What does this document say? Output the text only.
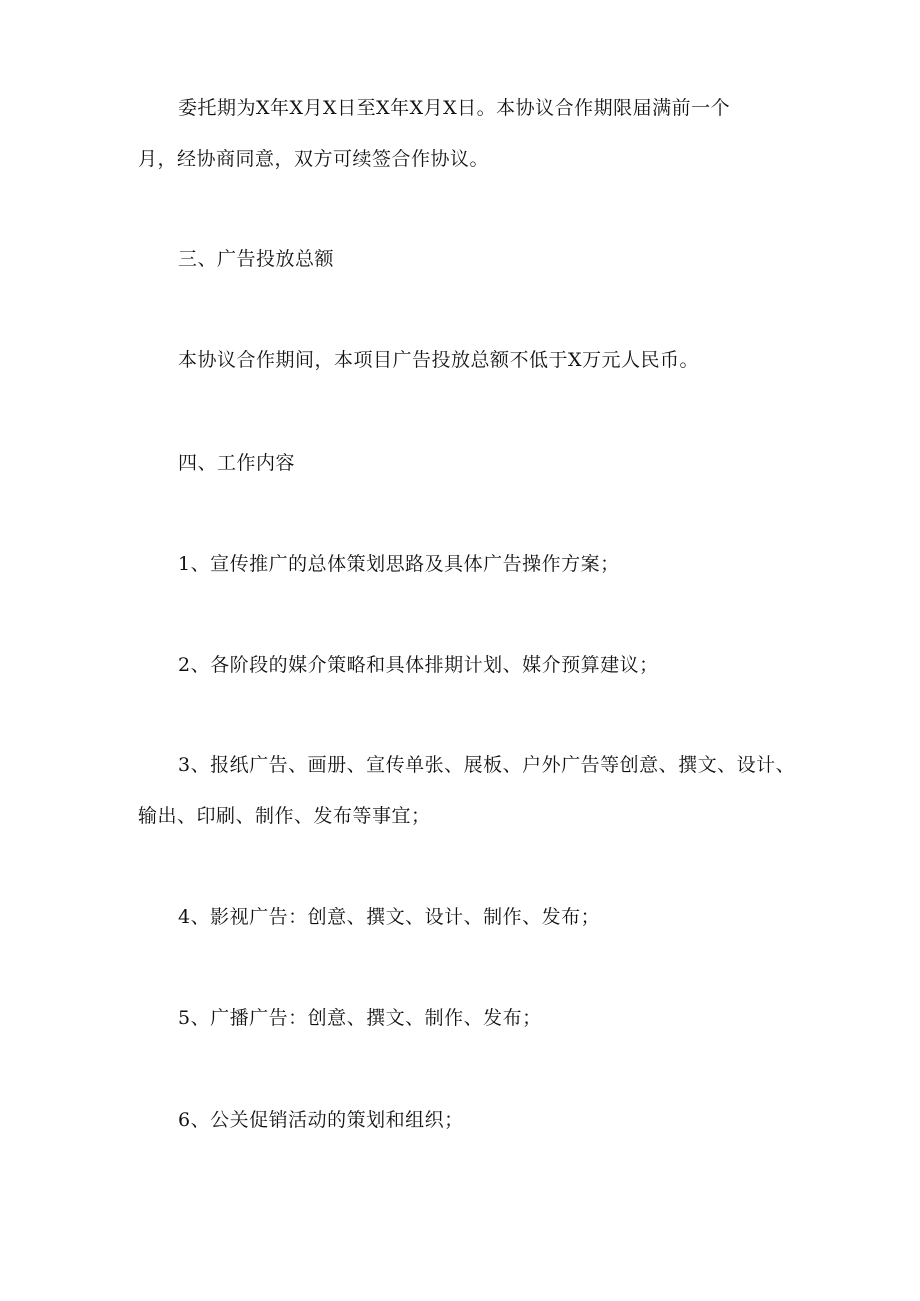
委托期为X年X月X日至X年X月X日。本协议合作期限届满前一个
月，经协商同意，双方可续签合作协议。
三、广告投放总额
本协议合作期间，本项目广告投放总额不低于X万元人民币。
四、工作内容
1、宣传推广的总体策划思路及具体广告操作方案；
2、各阶段的媒介策略和具体排期计划、媒介预算建议；
3、报纸广告、画册、宣传单张、展板、户外广告等创意、撰文、设计、
输出、印刷、制作、发布等事宜；
4、影视广告：创意、撰文、设计、制作、发布；
5、广播广告：创意、撰文、制作、发布；
6、公关促销活动的策划和组织；
